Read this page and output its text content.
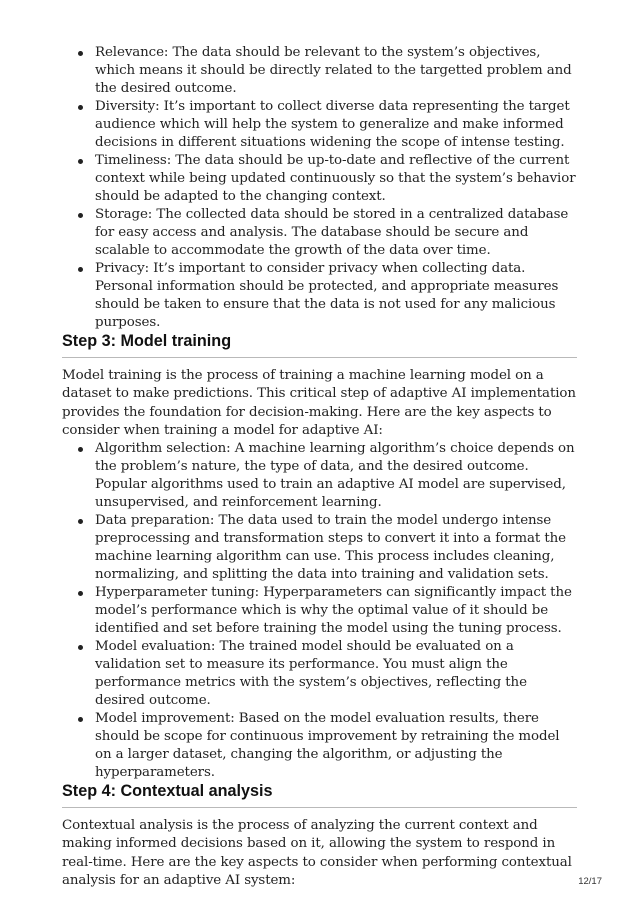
Relevance: The data should be relevant to the system’s objectives, which means it should be directly related to the targetted problem and the desired outcome.
Diversity: It’s important to collect diverse data representing the target audience which will help the system to generalize and make informed decisions in different situations widening the scope of intense testing.
Timeliness: The data should be up-to-date and reflective of the current context while being updated continuously so that the system’s behavior should be adapted to the changing context.
Storage: The collected data should be stored in a centralized database for easy access and analysis. The database should be secure and scalable to accommodate the growth of the data over time.
Privacy: It’s important to consider privacy when collecting data. Personal information should be protected, and appropriate measures should be taken to ensure that the data is not used for any malicious purposes.
Step 3: Model training

Model training is the process of training a machine learning model on a dataset to make predictions. This critical step of adaptive AI implementation provides the foundation for decision-making. Here are the key aspects to consider when training a model for adaptive AI:

Algorithm selection: A machine learning algorithm’s choice depends on the problem’s nature, the type of data, and the desired outcome. Popular algorithms used to train an adaptive AI model are supervised, unsupervised, and reinforcement learning.
Data preparation: The data used to train the model undergo intense preprocessing and transformation steps to convert it into a format the machine learning algorithm can use. This process includes cleaning, normalizing, and splitting the data into training and validation sets.
Hyperparameter tuning: Hyperparameters can significantly impact the model’s performance which is why the optimal value of it should be identified and set before training the model using the tuning process.
Model evaluation: The trained model should be evaluated on a validation set to measure its performance. You must align the performance metrics with the system’s objectives, reflecting the desired outcome.
Model improvement: Based on the model evaluation results, there should be scope for continuous improvement by retraining the model on a larger dataset, changing the algorithm, or adjusting the hyperparameters.
Step 4: Contextual analysis

Contextual analysis is the process of analyzing the current context and making informed decisions based on it, allowing the system to respond in real-time. Here are the key aspects to consider when performing contextual analysis for an adaptive AI system:	12/17
